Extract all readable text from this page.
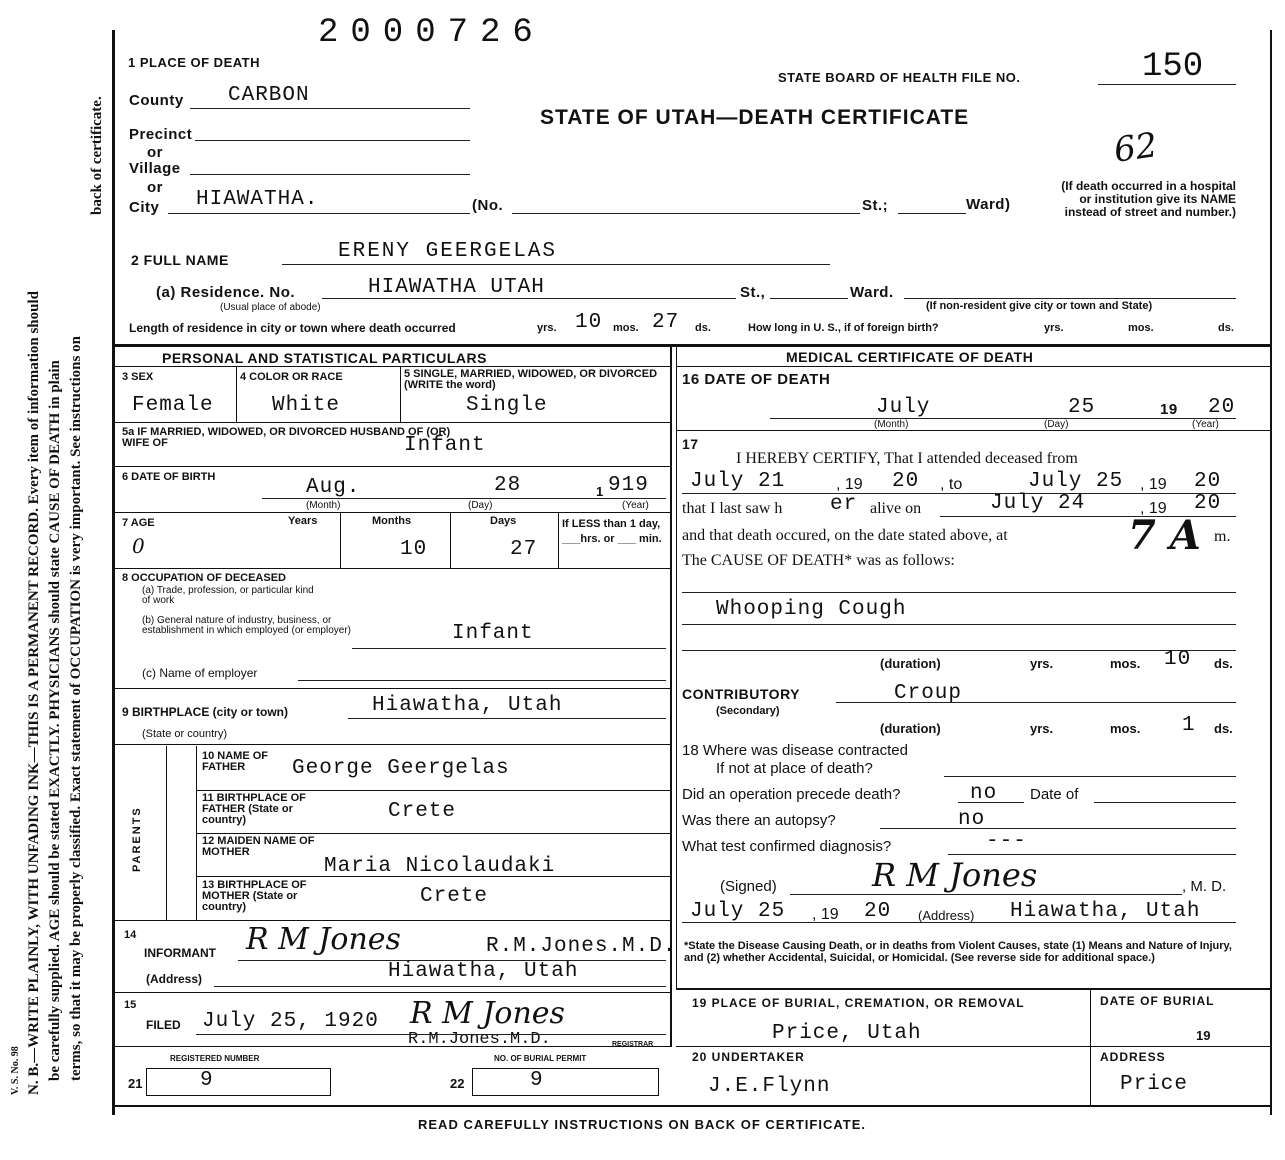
V. S. No. 98 N. B.—WRITE PLAINLY, WITH UNFADING INK—THIS IS A PERMANENT RECORD. Every item of information should be carefully supplied. AGE should be stated EXACTLY. PHYSICIANS should state CAUSE OF DEATH in plain terms, so that it may be properly classified. Exact statement of OCCUPATION is very important. See instructions on
back of certificate.
2000726
1 PLACE OF DEATH
STATE BOARD OF HEALTH FILE NO.	150
STATE OF UTAH—DEATH CERTIFICATE
62
County CARBON
Precinct
or
Village
or
City HIAWATHA.	(No.	St.;	Ward)
(If death occurred in a hospital or institution give its NAME instead of street and number.)
2 FULL NAME	ERENY GEERGELAS
(a) Residence. No.
(Usual place of abode)
HIAWATHA UTAH	St.,	Ward.
(If non-resident give city or town and State)
Length of residence in city or town where death occurred	yrs. 10 mos. 27 ds.	How long in U. S., if of foreign birth?	yrs.	mos.	ds.
PERSONAL AND STATISTICAL PARTICULARS
3 SEX
Female
4 COLOR OR RACE
White
5 SINGLE, MARRIED, WIDOWED, OR DIVORCED (WRITE the word)
Single
5a IF MARRIED, WIDOWED, OR DIVORCED HUSBAND OF (OR) WIFE OF	Infant
6 DATE OF BIRTH	Aug.	28	1 919
(Month)	(Day)	(Year)
7 AGE
0
Years	Months
10
Days
27
If LESS than 1 day, ___hrs. or ___ min.
8 OCCUPATION OF DECEASED
(a) Trade, profession, or particular kind of work
(b) General nature of industry, business, or establishment in which employed (or employer)	Infant
(c) Name of employer
9 BIRTHPLACE (city or town)
(State or country)
Hiawatha, Utah
PARENTS
10 NAME OF FATHER	George Geergelas
11 BIRTHPLACE OF FATHER (State or country)	Crete
12 MAIDEN NAME OF MOTHER
Maria Nicolaudaki
13 BIRTHPLACE OF MOTHER (State or country)	Crete
14
INFORMANT R M Jones	R.M.Jones.M.D.
(Address)	Hiawatha, Utah
15
FILED July 25, 1920 R M Jones
R.M.Jones.M.D.	REGISTRAR
REGISTERED NUMBER
21	9
NO. OF BURIAL PERMIT
22	9
MEDICAL CERTIFICATE OF DEATH
16 DATE OF DEATH
July	25	19 20
(Month)	(Day)	(Year)
17
I HEREBY CERTIFY, That I attended deceased from
July 21	, 19 20 , to	July 25 , 19 20
that I last saw h er alive on	July 24	, 19 20
and that death occured, on the date stated above, at	7 A m.
The CAUSE OF DEATH* was as follows:
Whooping Cough
(duration)	yrs.	mos. 10 ds.
CONTRIBUTORY
(Secondary)
Croup
(duration)	yrs.	mos. 1 ds.
18 Where was disease contracted
If not at place of death?
Did an operation precede death?	no Date of
Was there an autopsy?	no
What test confirmed diagnosis?	---
(Signed)	R M Jones	, M. D.
July 25 , 19 20 (Address) Hiawatha, Utah
*State the Disease Causing Death, or in deaths from Violent Causes, state (1) Means and Nature of Injury, and (2) whether Accidental, Suicidal, or Homicidal. (See reverse side for additional space.)
19 PLACE OF BURIAL, CREMATION, OR REMOVAL
Price, Utah
DATE OF BURIAL
19
20 UNDERTAKER
J.E.Flynn
ADDRESS
Price
READ CAREFULLY INSTRUCTIONS ON BACK OF CERTIFICATE.
